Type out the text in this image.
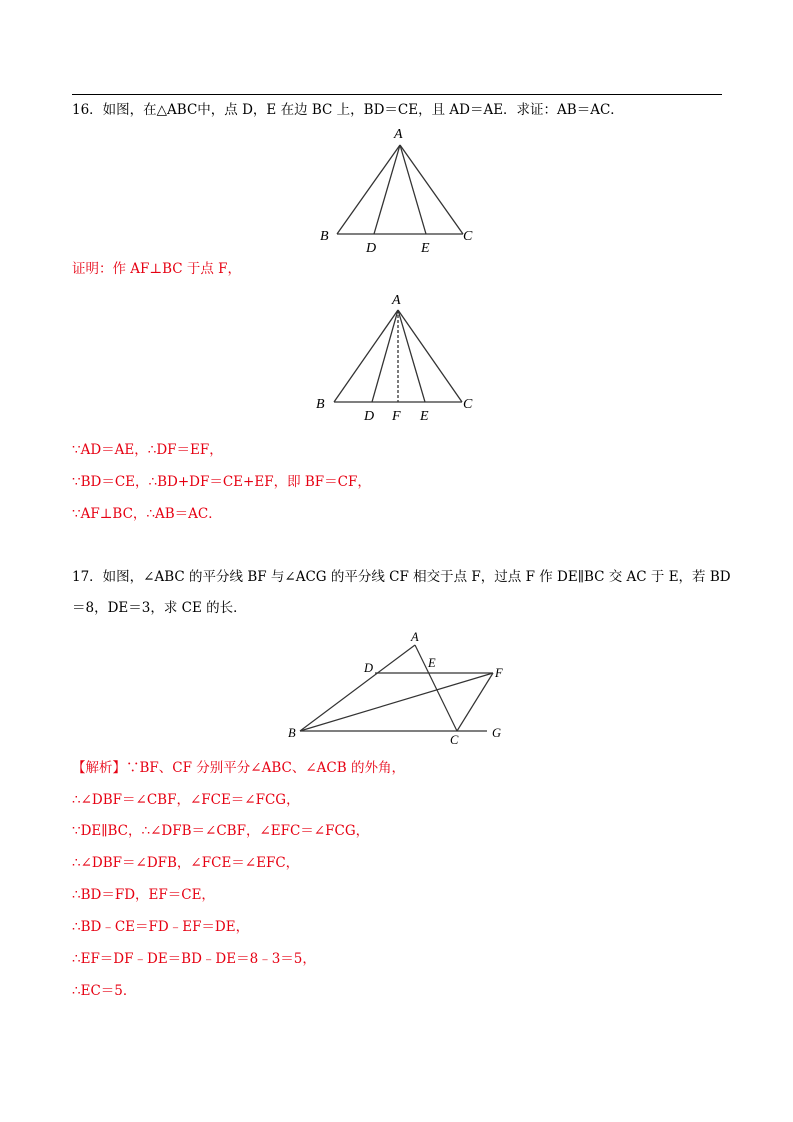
16．如图，在△ABC中，点 D，E 在边 BC 上，BD＝CE，且 AD＝AE．求证：AB＝AC．
A
B	C
D	E
证明：作 AF⊥BC 于点 F，
A
B	C
D F E
∵AD＝AE，∴DF＝EF，
∵BD＝CE，∴BD+DF＝CE+EF，即 BF＝CF，
∵AF⊥BC，∴AB＝AC．
17．如图，∠ABC 的平分线 BF 与∠ACG 的平分线 CF 相交于点 F，过点 F 作 DE∥BC 交 AC 于 E，若 BD
＝8，DE＝3，求 CE 的长．
A
D	E
F
B	C	G
【解析】∵BF、CF 分别平分∠ABC、∠ACB 的外角，
∴∠DBF＝∠CBF，∠FCE＝∠FCG，
∵DE∥BC，∴∠DFB＝∠CBF，∠EFC＝∠FCG，
∴∠DBF＝∠DFB，∠FCE＝∠EFC，
∴BD＝FD，EF＝CE，
∴BD﹣CE＝FD﹣EF＝DE，
∴EF＝DF﹣DE＝BD﹣DE＝8﹣3＝5，
∴EC＝5．
